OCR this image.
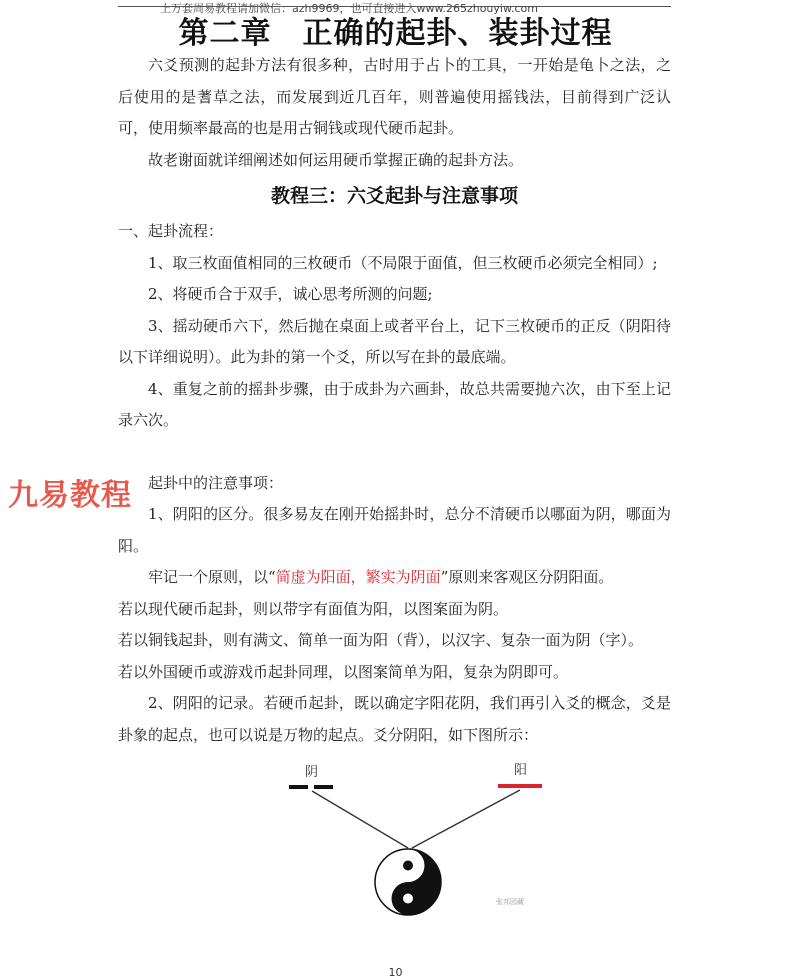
上万套周易教程请加微信：azh9969，也可直接进入www.265zhouyiw.com
第二章　正确的起卦、装卦过程

六爻预测的起卦方法有很多种，古时用于占卜的工具，一开始是龟卜之法，之后使用的是蓍草之法，而发展到近几百年，则普遍使用摇钱法，目前得到广泛认可，使用频率最高的也是用古铜钱或现代硬币起卦。

故老谢面就详细阐述如何运用硬币掌握正确的起卦方法。

教程三：六爻起卦与注意事项

一、起卦流程：

1、取三枚面值相同的三枚硬币（不局限于面值，但三枚硬币必须完全相同）;

2、将硬币合于双手，诚心思考所测的问题;

3、摇动硬币六下，然后抛在桌面上或者平台上，记下三枚硬币的正反（阴阳待以下详细说明）。此为卦的第一个爻，所以写在卦的最底端。

4、重复之前的摇卦步骤，由于成卦为六画卦，故总共需要抛六次，由下至上记录六次。

起卦中的注意事项：

1、阴阳的区分。很多易友在刚开始摇卦时，总分不清硬币以哪面为阴，哪面为阳。

牢记一个原则，以“简虚为阳面，繁实为阴面”原则来客观区分阴阳面。

若以现代硬币起卦，则以带字有面值为阳，以图案面为阴。

若以铜钱起卦，则有满文、简单一面为阳（背），以汉字、复杂一面为阴（字）。

若以外国硬币或游戏币起卦同理，以图案简单为阳，复杂为阴即可。

2、阴阳的记录。若硬币起卦，既以确定字阳花阴，我们再引入爻的概念，爻是卦象的起点，也可以说是万物的起点。爻分阴阳，如下图所示：

九易教程
阴	阳
张邦园藏
10
